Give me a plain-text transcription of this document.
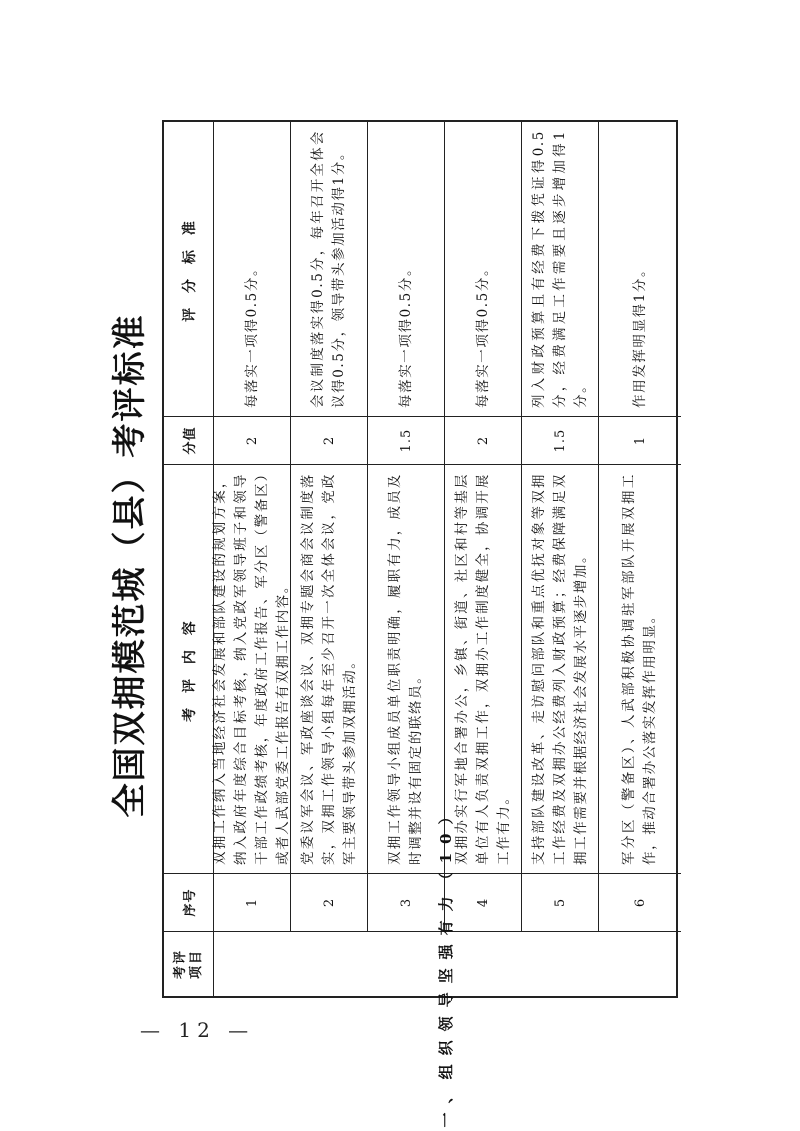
全国双拥模范城（县）考评标准
考评 项目
序号
考 评 内 容
分值
评 分 标 准
1
双拥工作纳入当地经济社会发展和部队建设的规划方案，纳入政府年度综合目标考核，纳入党政军领导班子和领导干部工作政绩考核，年度政府工作报告、军分区（警备区）或者人武部党委工作报告有双拥工作内容。
2
每落实一项得0.5分。
2
党委议军会议、军政座谈会议、双拥专题会商会议制度落实，双拥工作领导小组每年至少召开一次全体会议，党政军主要领导带头参加双拥活动。
2
会议制度落实得0.5分，每年召开全体会议得0.5分，领导带头参加活动得1分。
3
双拥工作领导小组成员单位职责明确，履职有力，成员及时调整并设有固定的联络员。
1.5
每落实一项得0.5分。
4
双拥办实行军地合署办公，乡镇、街道、社区和村等基层单位有人负责双拥工作，双拥办工作制度健全，协调开展工作有力。
2
每落实一项得0.5分。
5
支持部队建设改革、走访慰问部队和重点优抚对象等双拥工作经费及双拥办公经费列入财政预算；经费保障满足双拥工作需要并根据经济社会发展水平逐步增加。
1.5
列入财政预算且有经费下拨凭证得0.5分，经费满足工作需要且逐步增加得1分。
6
军分区（警备区）、人武部积极协调驻军部队开展双拥工作，推动合署办公落实发挥作用明显。
1
作用发挥明显得1分。
一、组织领导坚强有力（10）
— 12 —
